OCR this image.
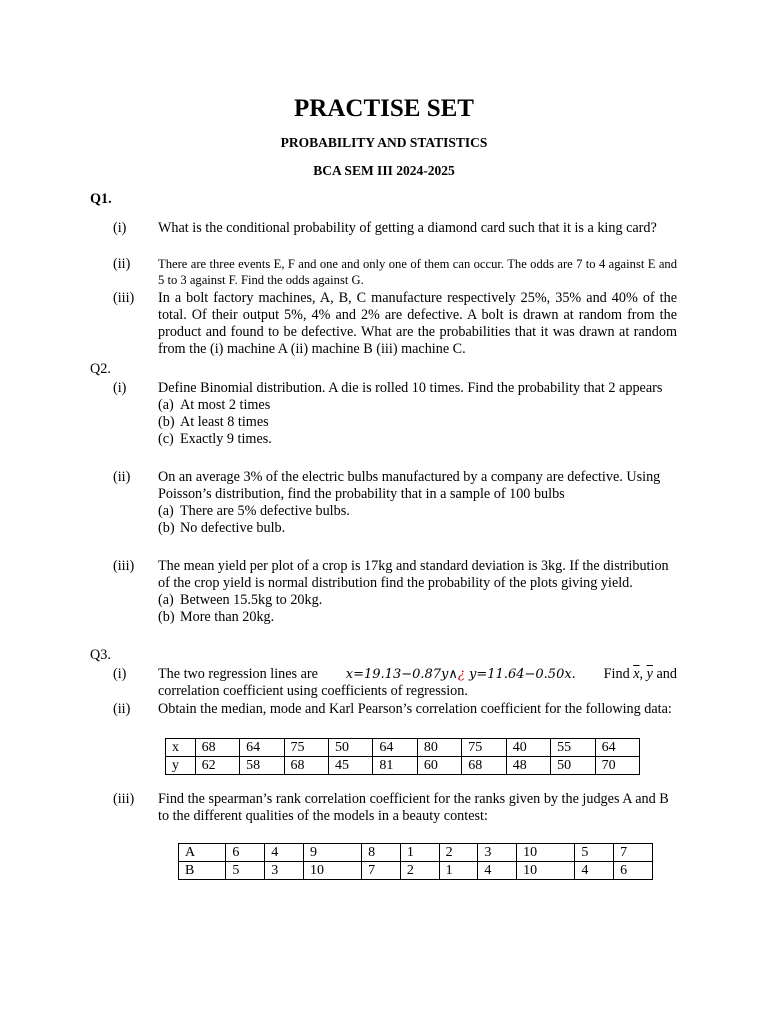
PRACTISE SET
PROBABILITY AND STATISTICS
BCA SEM III 2024-2025
Q1.
(i) What is the conditional probability of getting a diamond card such that it is a king card?
(ii) There are three events E, F and one and only one of them can occur. The odds are 7 to 4 against E and 5 to 3 against F. Find the odds against G.
(iii) In a bolt factory machines, A, B, C manufacture respectively 25%, 35% and 40% of the total. Of their output 5%, 4% and 2% are defective. A bolt is drawn at random from the product and found to be defective. What are the probabilities that it was drawn at random from the (i) machine A (ii) machine B (iii) machine C.
Q2.
(i) Define Binomial distribution. A die is rolled 10 times. Find the probability that 2 appears
(a) At most 2 times
(b) At least 8 times
(c) Exactly 9 times.
(ii) On an average 3% of the electric bulbs manufactured by a company are defective. Using Poisson’s distribution, find the probability that in a sample of 100 bulbs
(a) There are 5% defective bulbs.
(b) No defective bulb.
(iii) The mean yield per plot of a crop is 17kg and standard deviation is 3kg. If the distribution of the crop yield is normal distribution find the probability of the plots giving yield.
(a) Between 15.5kg to 20kg.
(b) More than 20kg.
Q3.
(i) The two regression lines are x=19.13−0.87y∧¿ y=11.64−0.50x. Find $\overline{x}$, $\overline{y}$ and
correlation coefficient using coefficients of regression.
(ii) Obtain the median, mode and Karl Pearson’s correlation coefficient for the following data:
x	68	64	75	50	64	80	75	40	55	64
y	62	58	68	45	81	60	68	48	50	70
(iii) Find the spearman’s rank correlation coefficient for the ranks given by the judges A and B to the different qualities of the models in a beauty contest:
A	6	4	9	8	1	2	3	10	5	7
B	5	3	10	7	2	1	4	10	4	6
